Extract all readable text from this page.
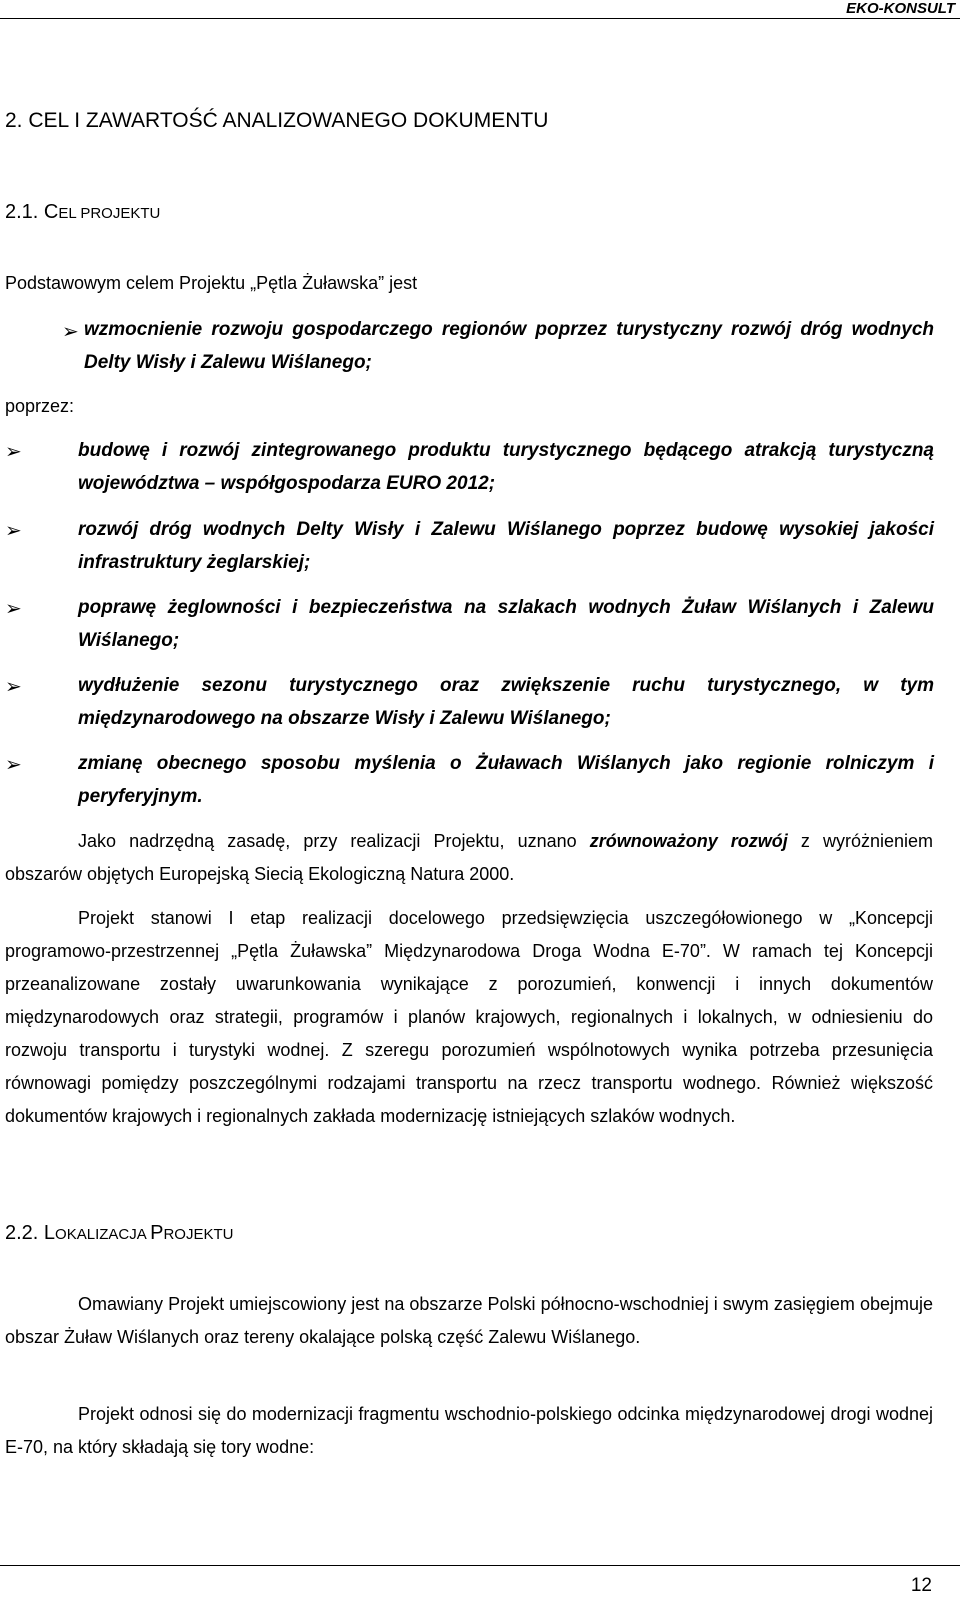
EKO-KONSULT
2. CEL I ZAWARTOŚĆ ANALIZOWANEGO DOKUMENTU
2.1. CEL PROJEKTU

Podstawowym celem Projektu „Pętla Żuławska” jest

➢ wzmocnienie rozwoju gospodarczego regionów poprzez turystyczny rozwój dróg wodnych Delty Wisły i Zalewu Wiślanego;

poprzez:
➢	budowę i rozwój zintegrowanego produktu turystycznego będącego atrakcją turystyczną województwa – współgospodarza EURO 2012;

➢	rozwój dróg wodnych Delty Wisły i Zalewu Wiślanego poprzez budowę wysokiej jakości infrastruktury żeglarskiej;

➢	poprawę żeglowności i bezpieczeństwa na szlakach wodnych Żuław Wiślanych i Zalewu Wiślanego;

➢	wydłużenie sezonu turystycznego oraz zwiększenie ruchu turystycznego, w tym międzynarodowego na obszarze Wisły i Zalewu Wiślanego;

➢	zmianę obecnego sposobu myślenia o Żuławach Wiślanych jako regionie rolniczym i peryferyjnym.

Jako nadrzędną zasadę, przy realizacji Projektu, uznano zrównoważony rozwój z wyróżnieniem obszarów objętych Europejską Siecią Ekologiczną Natura 2000.

Projekt stanowi I etap realizacji docelowego przedsięwzięcia uszczegółowionego w „Koncepcji programowo-przestrzennej „Pętla Żuławska” Międzynarodowa Droga Wodna E-70”. W ramach tej Koncepcji przeanalizowane zostały uwarunkowania wynikające z porozumień, konwencji i innych dokumentów międzynarodowych oraz strategii, programów i planów krajowych, regionalnych i lokalnych, w odniesieniu do rozwoju transportu i turystyki wodnej. Z szeregu porozumień wspólnotowych wynika potrzeba przesunięcia równowagi pomiędzy poszczególnymi rodzajami transportu na rzecz transportu wodnego. Również większość dokumentów krajowych i regionalnych zakłada modernizację istniejących szlaków wodnych.

2.2. LOKALIZACJA PROJEKTU

Omawiany Projekt umiejscowiony jest na obszarze Polski północno-wschodniej i swym zasięgiem obejmuje obszar Żuław Wiślanych oraz tereny okalające polską część Zalewu Wiślanego.

Projekt odnosi się do modernizacji fragmentu wschodnio-polskiego odcinka międzynarodowej drogi wodnej E-70, na który składają się tory wodne:

12
